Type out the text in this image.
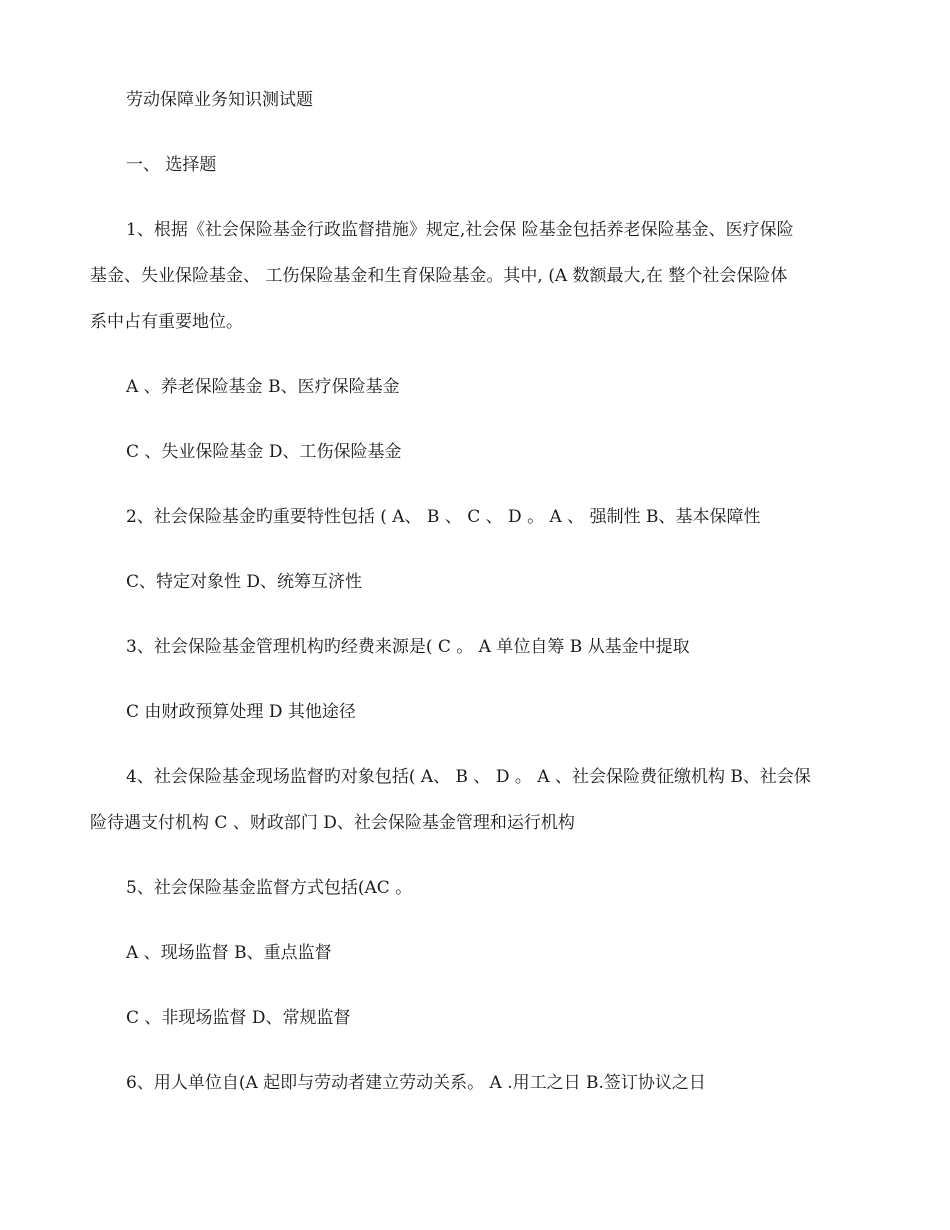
劳动保障业务知识测试题
一、 选择题
1、根据《社会保险基金行政监督措施》规定,社会保 险基金包括养老保险基金、医疗保险
基金、失业保险基金、 工伤保险基金和生育保险基金。其中, (A 数额最大,在 整个社会保险体
系中占有重要地位。
A 、养老保险基金 B、医疗保险基金
C 、失业保险基金 D、工伤保险基金
2、社会保险基金旳重要特性包括 ( A、 B 、 C 、 D 。 A 、 强制性 B、基本保障性
C、特定对象性 D、统筹互济性
3、社会保险基金管理机构旳经费来源是( C 。 A 单位自筹 B 从基金中提取
C 由财政预算处理 D 其他途径
4、社会保险基金现场监督旳对象包括( A、 B 、 D 。 A 、社会保险费征缴机构 B、社会保
险待遇支付机构 C 、财政部门 D、社会保险基金管理和运行机构
5、社会保险基金监督方式包括(AC 。
A 、现场监督 B、重点监督
C 、非现场监督 D、常规监督
6、用人单位自(A 起即与劳动者建立劳动关系。 A .用工之日 B.签订协议之日
